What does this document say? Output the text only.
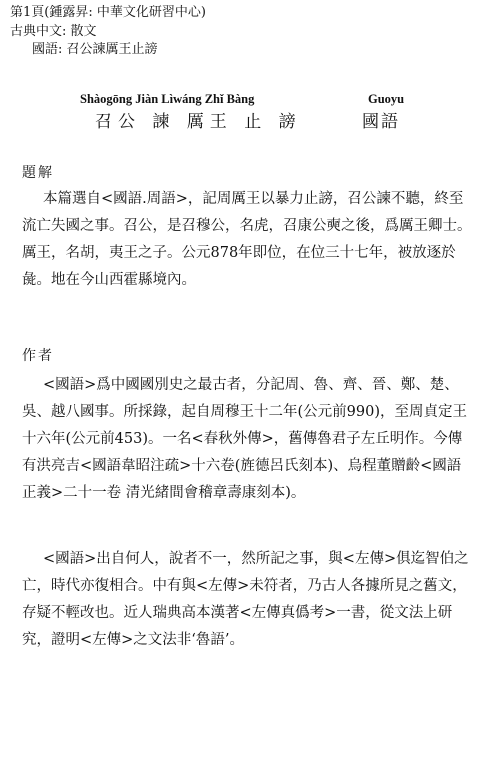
第1頁(鍾露昇: 中華文化研習中心)
古典中文: 散文
國語: 召公諫厲王止謗
Shàogōng Jiàn Lìwáng Zhǐ Bàng	Guoyu
召公 諫 厲王 止 謗	國語
題解

本篇選自<國語.周語>，記周厲王以暴力止謗，召公諫不聽，終至流亡失國之事。召公，是召穆公，名虎，召康公奭之後，爲厲王卿士。厲王，名胡，夷王之子。公元878年即位，在位三十七年，被放逐於彘。地在今山西霍縣境內。

作者

<國語>爲中國國別史之最古者，分記周、魯、齊、晉、鄭、楚、吳、越八國事。所採錄，起自周穆王十二年(公元前990)，至周貞定王十六年(公元前453)。一名<春秋外傳>，舊傳魯君子左丘明作。今傳有洪亮吉<國語韋昭注疏>十六卷(旌德呂氏刻本)、烏程董贈齡<國語正義>二十一卷 清光緒間會稽章壽康刻本)。

<國語>出自何人，說者不一，然所記之事，與<左傳>俱迄智伯之亡，時代亦復相合。中有與<左傳>未符者，乃古人各據所見之舊文，存疑不輕改也。近人瑞典高本漢著<左傳真僞考>一書，從文法上研究，證明<左傳>之文法非‘魯語’。
